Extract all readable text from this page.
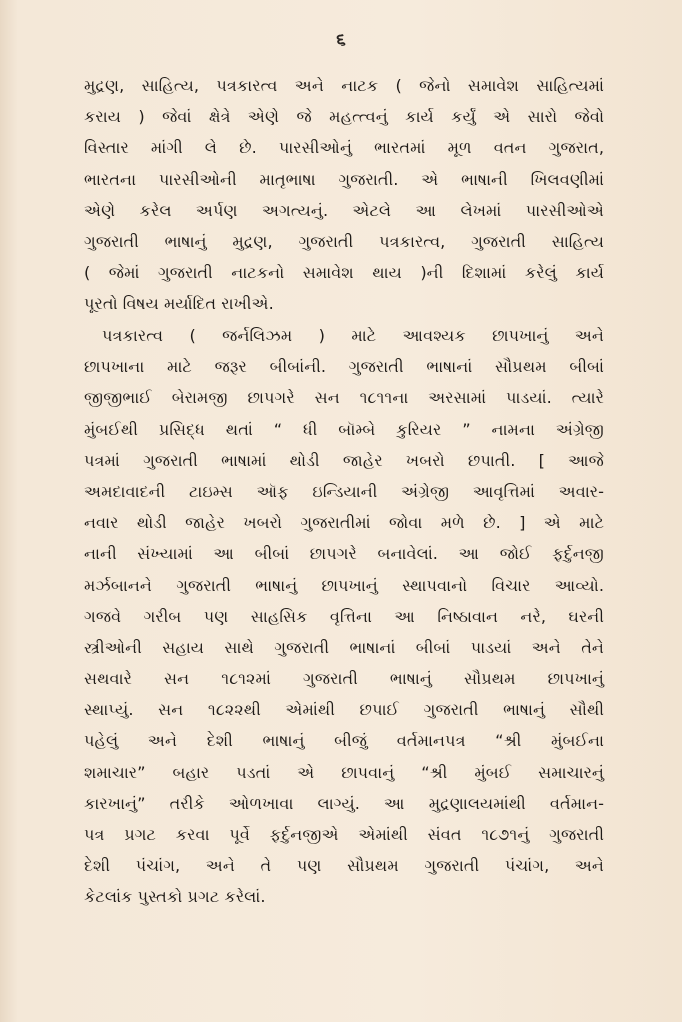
૬
મુદ્રણ, સાહિત્ય, પત્રકારત્વ અને નાટક ( જેનો સમાવેશ સાહિત્યમાં
કરાય ) જેવાં ક્ષેત્રે એણે જે મહત્ત્વનું કાર્ય કર્યું એ સારો જેવો
વિસ્તાર માંગી લે છે. પારસીઓનું ભારતમાં મૂળ વતન ગુજરાત,
ભારતના પારસીઓની માતૃભાષા ગુજરાતી. એ ભાષાની ખિલવણીમાં
એણે કરેલ અર્પણ અગત્યનું. એટલે આ લેખમાં પારસીઓએ
ગુજરાતી ભાષાનું મુદ્રણ, ગુજરાતી પત્રકારત્વ, ગુજરાતી સાહિત્ય
( જેમાં ગુજરાતી નાટકનો સમાવેશ થાય )ની દિશામાં કરેલું કાર્ય
પૂરતો વિષય મર્યાદિત રાખીએ.
પત્રકારત્વ ( જર્નલિઝમ ) માટે આવશ્યક છાપખાનું અને
છાપખાના માટે જરૂર બીબાંની. ગુજરાતી ભાષાનાં સૌપ્રથમ બીબાં
જીજીભાઈ બેરામજી છાપગરે સન ૧૮૧૧ના અરસામાં પાડયાં. ત્યારે
મુંબઈથી પ્રસિદ્ધ થતાં “ ધી બૉમ્બે કુરિયર ” નામના અંગ્રેજી
પત્રમાં ગુજરાતી ભાષામાં થોડી જાહેર ખબરો છપાતી. [ આજે
અમદાવાદની ટાઇમ્સ ઑફ ઇન્ડિયાની અંગ્રેજી આવૃત્તિમાં અવાર-
નવાર થોડી જાહેર ખબરો ગુજરાતીમાં જોવા મળે છે. ] એ માટે
નાની સંખ્યામાં આ બીબાં છાપગરે બનાવેલાં. આ જોઈ ફર્દુનજી
મર્ઝબાનને ગુજરાતી ભાષાનું છાપખાનું સ્થાપવાનો વિચાર આવ્યો.
ગજવે ગરીબ પણ સાહસિક વૃત્તિના આ નિષ્ઠાવાન નરે, ઘરની
સ્ત્રીઓની સહાય સાથે ગુજરાતી ભાષાનાં બીબાં પાડયાં અને તેને
સથવારે સન ૧૮૧૨માં ગુજરાતી ભાષાનું સૌપ્રથમ છાપખાનું
સ્થાપ્યું. સન ૧૮૨૨થી એમાંથી છપાઈ ગુજરાતી ભાષાનું સૌથી
પહેલું અને દેશી ભાષાનું બીજું વર્તમાનપત્ર “શ્રી મુંબઈના
શમાચાર” બહાર પડતાં એ છાપવાનું “શ્રી મુંબઈ સમાચારનું
કારખાનું” તરીકે ઓળખાવા લાગ્યું. આ મુદ્રણાલયમાંથી વર્તમાન-
પત્ર પ્રગટ કરવા પૂર્વે ફર્દુનજીએ એમાંથી સંવત ૧૮૭૧નું ગુજરાતી
દેશી પંચાંગ, અને તે પણ સૌપ્રથમ ગુજરાતી પંચાંગ, અને
કેટલાંક પુસ્તકો પ્રગટ કરેલાં.
